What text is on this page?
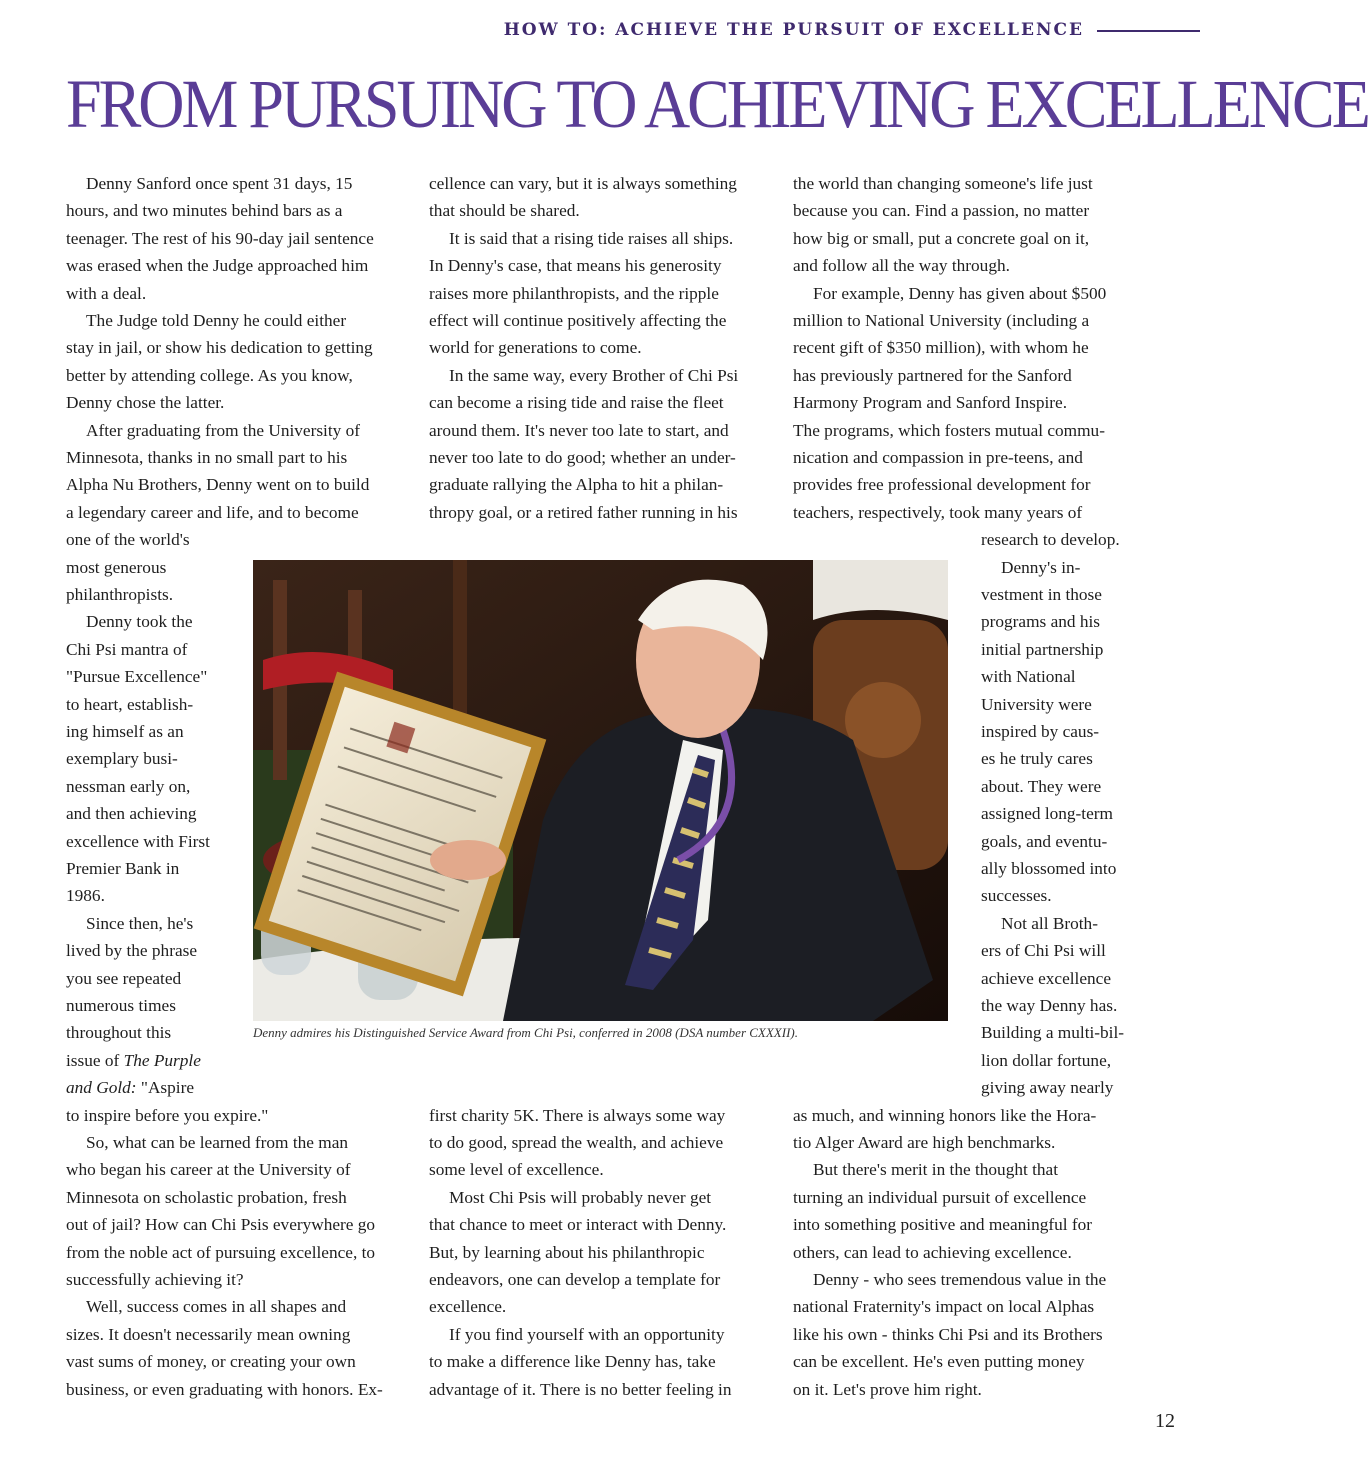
HOW TO: ACHIEVE THE PURSUIT OF EXCELLENCE
FROM PURSUING TO ACHIEVING EXCELLENCE

Denny Sanford once spent 31 days, 15

hours, and two minutes behind bars as a

teenager. The rest of his 90-day jail sentence

was erased when the Judge approached him

with a deal.

The Judge told Denny he could either

stay in jail, or show his dedication to getting

better by attending college. As you know,

Denny chose the latter.

After graduating from the University of

Minnesota, thanks in no small part to his

Alpha Nu Brothers, Denny went on to build

a legendary career and life, and to become

one of the world's

most generous

philanthropists.

Denny took the

Chi Psi mantra of

"Pursue Excellence"

to heart, establish-

ing himself as an

exemplary busi-

nessman early on,

and then achieving

excellence with First

Premier Bank in

1986.

Since then, he's

lived by the phrase

you see repeated

numerous times

throughout this

issue of The Purple

and Gold: "Aspire

to inspire before you expire."

So, what can be learned from the man

who began his career at the University of

Minnesota on scholastic probation, fresh

out of jail? How can Chi Psis everywhere go

from the noble act of pursuing excellence, to

successfully achieving it?

Well, success comes in all shapes and

sizes. It doesn't necessarily mean owning

vast sums of money, or creating your own

business, or even graduating with honors. Ex-

cellence can vary, but it is always something

that should be shared.

It is said that a rising tide raises all ships.

In Denny's case, that means his generosity

raises more philanthropists, and the ripple

effect will continue positively affecting the

world for generations to come.

In the same way, every Brother of Chi Psi

can become a rising tide and raise the fleet

around them. It's never too late to start, and

never too late to do good; whether an under-

graduate rallying the Alpha to hit a philan-

thropy goal, or a retired father running in his

first charity 5K. There is always some way

to do good, spread the wealth, and achieve

some level of excellence.

Most Chi Psis will probably never get

that chance to meet or interact with Denny.

But, by learning about his philanthropic

endeavors, one can develop a template for

excellence.

If you find yourself with an opportunity

to make a difference like Denny has, take

advantage of it. There is no better feeling in

the world than changing someone's life just

because you can. Find a passion, no matter

how big or small, put a concrete goal on it,

and follow all the way through.

For example, Denny has given about $500

million to National University (including a

recent gift of $350 million), with whom he

has previously partnered for the Sanford

Harmony Program and Sanford Inspire.

The programs, which fosters mutual commu-

nication and compassion in pre-teens, and

provides free professional development for

teachers, respectively, took many years of

research to develop.

Denny's in-

vestment in those

programs and his

initial partnership

with National

University were

inspired by caus-

es he truly cares

about. They were

assigned long-term

goals, and eventu-

ally blossomed into

successes.

Not all Broth-

ers of Chi Psi will

achieve excellence

the way Denny has.

Building a multi-bil-

lion dollar fortune,

giving away nearly

as much, and winning honors like the Hora-

tio Alger Award are high benchmarks.

But there's merit in the thought that

turning an individual pursuit of excellence

into something positive and meaningful for

others, can lead to achieving excellence.

Denny - who sees tremendous value in the

national Fraternity's impact on local Alphas

like his own - thinks Chi Psi and its Brothers

can be excellent. He's even putting money

on it. Let's prove him right.

Denny admires his Distinguished Service Award from Chi Psi, conferred in 2008 (DSA number CXXXII).

12
